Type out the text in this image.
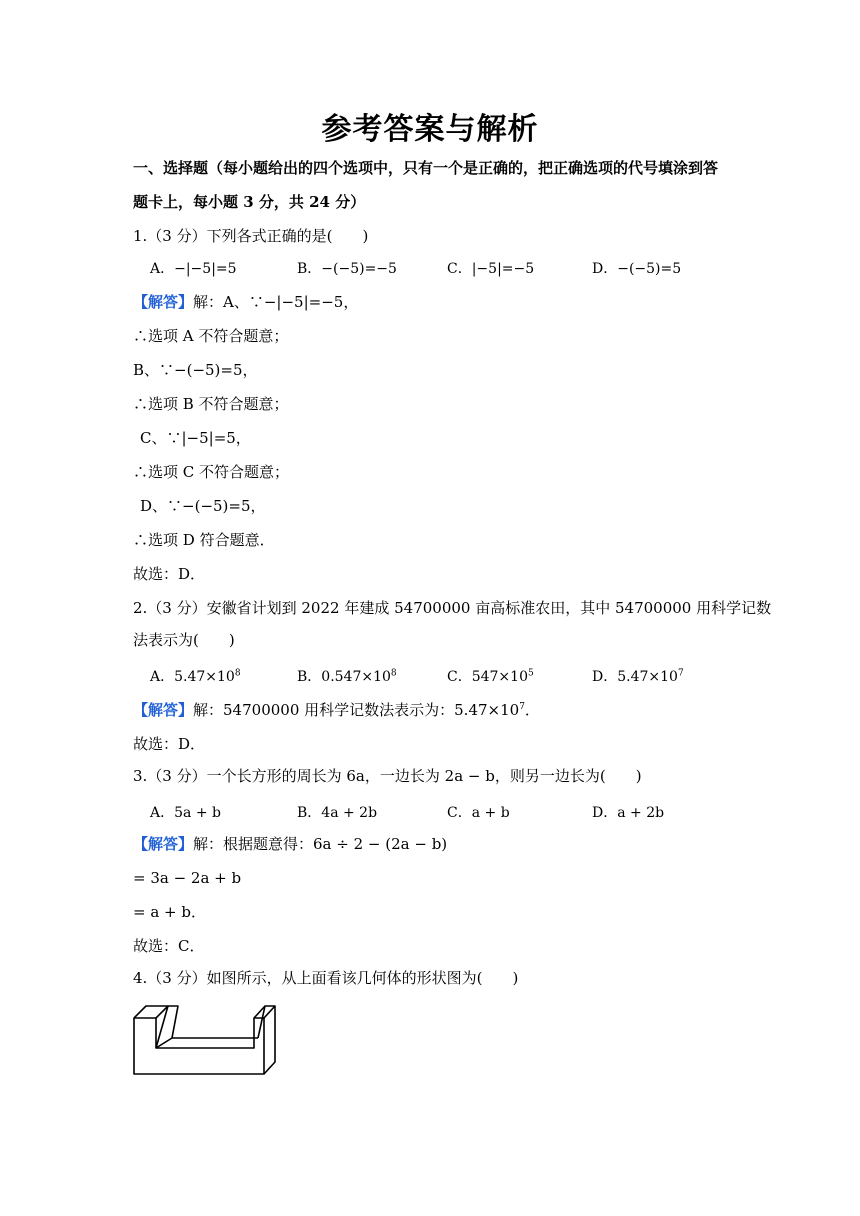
参考答案与解析
一、选择题（每小题给出的四个选项中，只有一个是正确的，把正确选项的代号填涂到答
题卡上，每小题 3 分，共 24 分）
1.（3 分）下列各式正确的是(　　)
A．−|−5|=5	B．−(−5)=−5	C．|−5|=−5	D．−(−5)=5
【解答】解：A、∵−|−5|=−5，
∴选项 A 不符合题意；
B、∵−(−5)=5，
∴选项 B 不符合题意；
C、∵|−5|=5，
∴选项 C 不符合题意；
D、∵−(−5)=5，
∴选项 D 符合题意．
故选：D．
2.（3 分）安徽省计划到 2022 年建成 54700000 亩高标准农田，其中 54700000 用科学记数
法表示为(　　)
A．$5.47\times 10^8$	B．$0.547\times 10^8$	C．$547\times 10^5$	D．$5.47\times 10^7$
【解答】解：54700000 用科学记数法表示为：$5.47\times 10^7$．
故选：D．
3.（3 分）一个长方形的周长为 6a，一边长为 2a − b，则另一边长为(　　)
A．5a + b	B．4a + 2b	C．a + b	D．a + 2b
【解答】解：根据题意得：6a ÷ 2 − (2a − b)
= 3a − 2a + b
= a + b．
故选：C．
4.（3 分）如图所示，从上面看该几何体的形状图为(　　)
